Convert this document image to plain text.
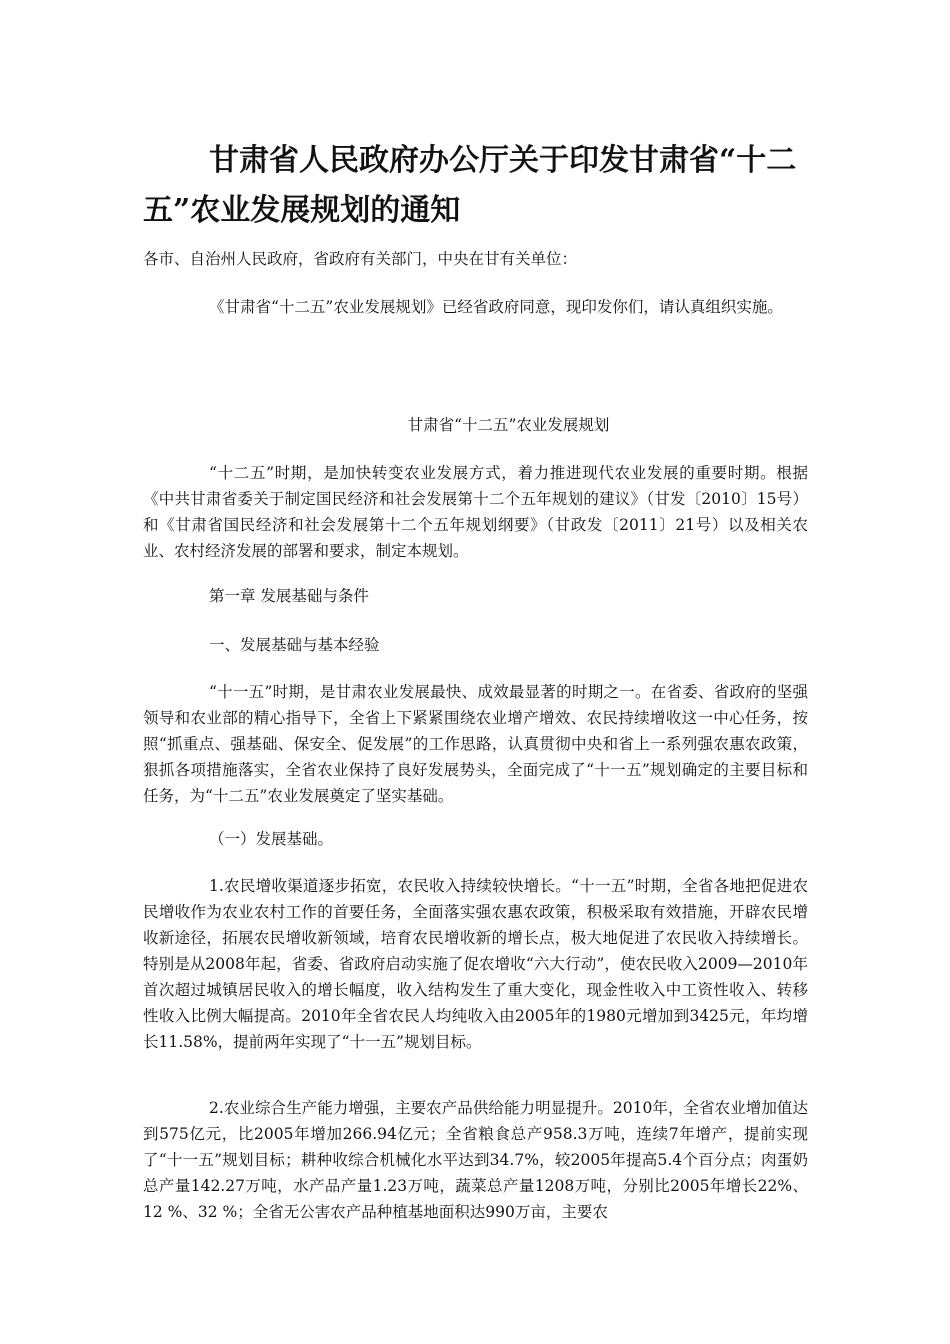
甘肃省人民政府办公厅关于印发甘肃省“十二五”农业发展规划的通知

各市、自治州人民政府，省政府有关部门，中央在甘有关单位：

《甘肃省“十二五”农业发展规划》已经省政府同意，现印发你们，请认真组织实施。

甘肃省“十二五”农业发展规划

“十二五”时期，是加快转变农业发展方式，着力推进现代农业发展的重要时期。根据《中共甘肃省委关于制定国民经济和社会发展第十二个五年规划的建议》（甘发〔2010〕15号）和《甘肃省国民经济和社会发展第十二个五年规划纲要》（甘政发〔2011〕21号）以及相关农业、农村经济发展的部署和要求，制定本规划。

第一章 发展基础与条件

一、发展基础与基本经验

“十一五”时期，是甘肃农业发展最快、成效最显著的时期之一。在省委、省政府的坚强领导和农业部的精心指导下，全省上下紧紧围绕农业增产增效、农民持续增收这一中心任务，按照“抓重点、强基础、保安全、促发展”的工作思路，认真贯彻中央和省上一系列强农惠农政策，狠抓各项措施落实，全省农业保持了良好发展势头，全面完成了“十一五”规划确定的主要目标和任务，为“十二五”农业发展奠定了坚实基础。

（一）发展基础。

1.农民增收渠道逐步拓宽，农民收入持续较快增长。“十一五”时期，全省各地把促进农民增收作为农业农村工作的首要任务，全面落实强农惠农政策，积极采取有效措施，开辟农民增收新途径，拓展农民增收新领域，培育农民增收新的增长点，极大地促进了农民收入持续增长。特别是从2008年起，省委、省政府启动实施了促农增收“六大行动”，使农民收入2009—2010年首次超过城镇居民收入的增长幅度，收入结构发生了重大变化，现金性收入中工资性收入、转移性收入比例大幅提高。2010年全省农民人均纯收入由2005年的1980元增加到3425元，年均增长11.58%，提前两年实现了“十一五”规划目标。

2.农业综合生产能力增强，主要农产品供给能力明显提升。2010年，全省农业增加值达到575亿元，比2005年增加266.94亿元；全省粮食总产958.3万吨，连续7年增产，提前实现了“十一五”规划目标；耕种收综合机械化水平达到34.7%，较2005年提高5.4个百分点；肉蛋奶总产量142.27万吨，水产品产量1.23万吨，蔬菜总产量1208万吨，分别比2005年增长22%、12 %、32 %；全省无公害农产品种植基地面积达990万亩，主要农
